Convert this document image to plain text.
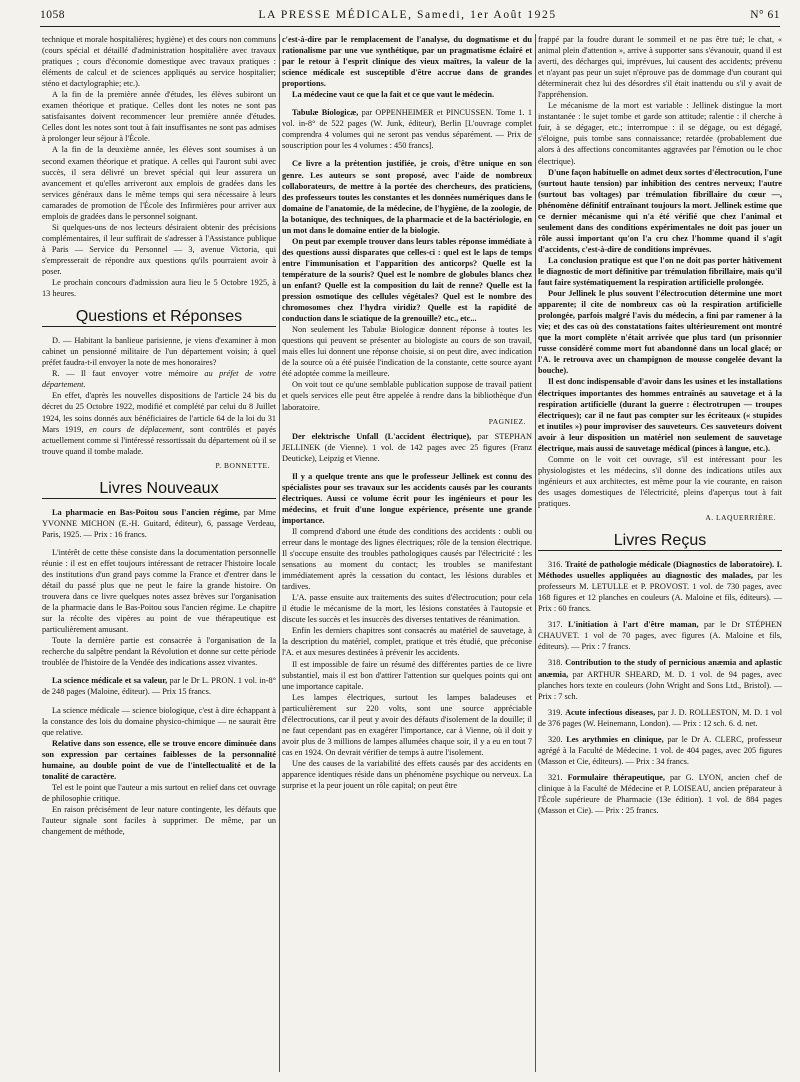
1058	LA PRESSE MÉDICALE, Samedi, 1er Août 1925	N° 61

technique et morale hospitalières; hygiène) et des cours non communs (cours spécial et détaillé d'administration hospitalière avec travaux pratiques ; cours d'économie domestique avec travaux pratiques : éléments de calcul et de sciences appliqués au service hospitalier; sténo et dactylographie; etc.).

A la fin de la première année d'études, les élèves subiront un examen théorique et pratique. Celles dont les notes ne sont pas satisfaisantes doivent recommencer leur première année d'études. Celles dont les notes sont tout à fait insuffisantes ne sont pas admises à prolonger leur séjour à l'École.

A la fin de la deuxième année, les élèves sont soumises à un second examen théorique et pratique. A celles qui l'auront subi avec succès, il sera délivré un brevet spécial qui leur assurera un avancement et qu'elles arriveront aux emplois de gradées dans les services généraux dans le même temps qui sera nécessaire à leurs camarades de promotion de l'École des Infirmières pour arriver aux emplois de gradées dans le personnel soignant.

Si quelques-uns de nos lecteurs désiraient obtenir des précisions complémentaires, il leur suffirait de s'adresser à l'Assistance publique à Paris — Service du Personnel — 3, avenue Victoria, qui s'empresserait de répondre aux questions qu'ils pourraient avoir à poser.

Le prochain concours d'admission aura lieu le 5 Octobre 1925, à 13 heures.

Questions et Réponses

D. — Habitant la banlieue parisienne, je viens d'examiner à mon cabinet un pensionné militaire de l'un département voisin; à quel préfet faudra-t-il envoyer la note de mes honoraires?

R. — Il faut envoyer votre mémoire au préfet de votre département.

En effet, d'après les nouvelles dispositions de l'article 24 bis du décret du 25 Octobre 1922, modifié et complété par celui du 8 Juillet 1924, les soins donnés aux bénéficiaires de l'article 64 de la loi du 31 Mars 1919, en cours de déplacement, sont contrôlés et payés actuellement comme si l'intéressé ressortissait du département où il se trouve quand il tombe malade.

P. BONNETTE.
Livres Nouveaux

La pharmacie en Bas-Poitou sous l'ancien régime, par Mme YVONNE MICHON (E.-H. Guitard, éditeur), 6, passage Verdeau, Paris, 1925. — Prix : 16 francs.

L'intérêt de cette thèse consiste dans la documentation personnelle réunie : il est en effet toujours intéressant de retracer l'histoire locale des institutions d'un grand pays comme la France et d'entrer dans le détail du passé plus que ne peut le faire la grande histoire. On trouvera dans ce livre quelques notes assez brèves sur l'organisation de la pharmacie dans le Bas-Poitou sous l'ancien régime. Le chapitre sur la récolte des vipères au point de vue thérapeutique est particulièrement amusant.

Toute la dernière partie est consacrée à l'organisation de la recherche du salpêtre pendant la Révolution et donne sur cette période troublée de l'histoire de la Vendée des indications assez vivantes.

La science médicale et sa valeur, par le Dr L. PRON. 1 vol. in-8° de 248 pages (Maloine, éditeur). — Prix 15 francs.

La science médicale — science biologique, c'est à dire échappant à la constance des lois du domaine physico-chimique — ne saurait être que relative.

Relative dans son essence, elle se trouve encore diminuée dans son expression par certaines faiblesses de la personnalité humaine, au double point de vue de l'intellectualité et de la tonalité de caractère.

Tel est le point que l'auteur a mis surtout en relief dans cet ouvrage de philosophie critique.

En raison précisément de leur nature contingente, les défauts que l'auteur signale sont faciles à supprimer. De même, par un changement de méthode,

c'est-à-dire par le remplacement de l'analyse, du dogmatisme et du rationalisme par une vue synthétique, par un pragmatisme éclairé et par le retour à l'esprit clinique des vieux maîtres, la valeur de la science médicale est susceptible d'être accrue dans de grandes proportions.

La médecine vaut ce que la fait et ce que vaut le médecin.

Tabulæ Biologicæ, par OPPENHEIMER et PINCUSSEN. Tome 1. 1 vol. in-8° de 522 pages (W. Junk, éditeur), Berlin [L'ouvrage complet comprendra 4 volumes qui ne seront pas vendus séparément. — Prix de souscription pour les 4 volumes : 450 francs].

Ce livre a la prétention justifiée, je crois, d'être unique en son genre. Les auteurs se sont proposé, avec l'aide de nombreux collaborateurs, de mettre à la portée des chercheurs, des praticiens, des professeurs toutes les constantes et les données numériques dans le domaine de l'anatomie, de la médecine, de l'hygiène, de la zoologie, de la botanique, des techniques, de la pharmacie et de la bactériologie, en un mot dans le domaine entier de la biologie.

On peut par exemple trouver dans leurs tables réponse immédiate à des questions aussi disparates que celles-ci : quel est le laps de temps entre l'immunisation et l'apparition des anticorps? Quelle est la température de la souris? Quel est le nombre de globules blancs chez un enfant? Quelle est la composition du lait de renne? Quelle est la pression osmotique des cellules végétales? Quel est le nombre des chromosomes chez l'hydra viridiz? Quelle est la rapidité de conduction dans le sciatique de la grenouille? etc., etc...

Non seulement les Tabulæ Biologicæ donnent réponse à toutes les questions qui peuvent se présenter au biologiste au cours de son travail, mais elles lui donnent une réponse choisie, si on peut dire, avec indication de la source où a été puisée l'indication de la constante, cette source ayant été adoptée comme la meilleure.

On voit tout ce qu'une semblable publication suppose de travail patient et quels services elle peut être appelée à rendre dans la bibliothèque d'un laboratoire.

PAGNIEZ.

Der elektrische Unfall (L'accident électrique), par STEPHAN JELLINEK (de Vienne). 1 vol. de 142 pages avec 25 figures (Franz Deuticke), Leipzig et Vienne.

Il y a quelque trente ans que le professeur Jellinek est connu des spécialistes pour ses travaux sur les accidents causés par les courants électriques. Aussi ce volume écrit pour les ingénieurs et pour les médecins, et fruit d'une longue expérience, présente une grande importance.

Il comprend d'abord une étude des conditions des accidents : oubli ou erreur dans le montage des lignes électriques; rôle de la tension électrique. Il s'occupe ensuite des troubles pathologiques causés par l'électricité : les sensations au moment du contact; les troubles se manifestant immédiatement après la cessation du contact, les lésions durables et tardives.

L'A. passe ensuite aux traitements des suites d'électrocution; pour cela il étudie le mécanisme de la mort, les lésions constatées à l'autopsie et discute les succès et les insuccès des diverses tentatives de réanimation.

Enfin les derniers chapitres sont consacrés au matériel de sauvetage, à la description du matériel, complet, pratique et très étudié, que préconise l'A. et aux mesures destinées à prévenir les accidents.

Il est impossible de faire un résumé des différentes parties de ce livre substantiel, mais il est bon d'attirer l'attention sur quelques points qui ont une importance capitale.

Les lampes électriques, surtout les lampes baladeuses et particulièrement sur 220 volts, sont une source appréciable d'électrocutions, car il peut y avoir des défauts d'isolement de la douille; il ne faut cependant pas en exagérer l'importance, car à Vienne, où il doit y avoir plus de 3 millions de lampes allumées chaque soir, il y a eu en tout 7 cas en 1924. On devrait vérifier de temps à autre l'isolement.

Une des causes de la variabilité des effets causés par des accidents en apparence identiques réside dans un phénomène psychique ou nerveux. La surprise et la peur jouent un rôle capital; on peut être

frappé par la foudre durant le sommeil et ne pas être tué; le chat, « animal plein d'attention », arrive à supporter sans s'évanouir, quand il est averti, des décharges qui, imprévues, lui causent des accidents; prévenu et n'ayant pas peur un sujet n'éprouve pas de dommage d'un courant qui déterminerait chez lui des désordres s'il était inattendu ou s'il y avait de l'appréhension.

Le mécanisme de la mort est variable : Jellinek distingue la mort instantanée : le sujet tombe et garde son attitude; ralentie : il cherche à fuir, à se dégager, etc.; interrompue : il se dégage, ou est dégagé, s'éloigne, puis tombe sans connaissance; retardée (probablement due alors à des affections concomitantes aggravées par l'émotion ou le choc électrique).

D'une façon habituelle on admet deux sortes d'électrocution, l'une (surtout haute tension) par inhibition des centres nerveux; l'autre (surtout bas voltages) par trémulation fibrillaire du cœur —, phénomène définitif entraînant toujours la mort. Jellinek estime que ce dernier mécanisme qui n'a été vérifié que chez l'animal et seulement dans des conditions expérimentales ne doit pas jouer un rôle aussi important qu'on l'a cru chez l'homme quand il s'agit d'accidents, c'est-à-dire de conditions imprévues.

La conclusion pratique est que l'on ne doit pas porter hâtivement le diagnostic de mort définitive par trémulation fibrillaire, mais qu'il faut faire systématiquement la respiration artificielle prolongée.

Pour Jellinek le plus souvent l'électrocution détermine une mort apparente; il cite de nombreux cas où la respiration artificielle prolongée, parfois malgré l'avis du médecin, a fini par ramener à la vie; et des cas où des constatations faites ultérieurement ont montré que la mort complète n'était arrivée que plus tard (un prisonnier russe considéré comme mort fut abandonné dans un local glacé; or l'A. le retrouva avec un champignon de mousse congelée devant la bouche).

Il est donc indispensable d'avoir dans les usines et les installations électriques importantes des hommes entraînés au sauvetage et à la respiration artificielle (durant la guerre : électrotrupen — troupes électriques); car il ne faut pas compter sur les écriteaux (« stupides et inutiles ») pour improviser des sauveteurs. Ces sauveteurs doivent avoir à leur disposition un matériel non seulement de sauvetage électrique, mais aussi de sauvetage médical (pinces à langue, etc.).

Comme on le voit cet ouvrage, s'il est intéressant pour les physiologistes et les médecins, s'il donne des indications utiles aux ingénieurs et aux architectes, est même pour la vie courante, en raison des usages domestiques de l'électricité, pleins d'aperçus tout à fait pratiques.

A. LAQUERRIÈRE.
Livres Reçus

316. Traité de pathologie médicale (Diagnostics de laboratoire). I. Méthodes usuelles appliquées au diagnostic des malades, par les professeurs M. LETULLE et P. PROVOST. 1 vol. de 730 pages, avec 168 figures et 12 planches en couleurs (A. Maloine et fils, éditeurs). — Prix : 60 francs.

317. L'initiation à l'art d'être maman, par le Dr STÉPHEN CHAUVET. 1 vol de 70 pages, avec figures (A. Maloine et fils, éditeurs). — Prix : 7 francs.

318. Contribution to the study of pernicious anæmia and aplastic anæmia, par ARTHUR SHEARD, M. D. 1 vol. de 94 pages, avec planches hors texte en couleurs (John Wright and Sons Ltd., Bristol). — Prix : 7 sch.

319. Acute infectious diseases, par J. D. ROLLESTON, M. D. 1 vol de 376 pages (W. Heinemann, London). — Prix : 12 sch. 6. d. net.

320. Les arythmies en clinique, par le Dr A. CLERC, professeur agrégé à la Faculté de Médecine. 1 vol. de 404 pages, avec 205 figures (Masson et Cie, éditeurs). — Prix : 34 francs.

321. Formulaire thérapeutique, par G. LYON, ancien chef de clinique à la Faculté de Médecine et P. LOISEAU, ancien préparateur à l'École supérieure de Pharmacie (13e édition). 1 vol. de 884 pages (Masson et Cie). — Prix : 25 francs.
